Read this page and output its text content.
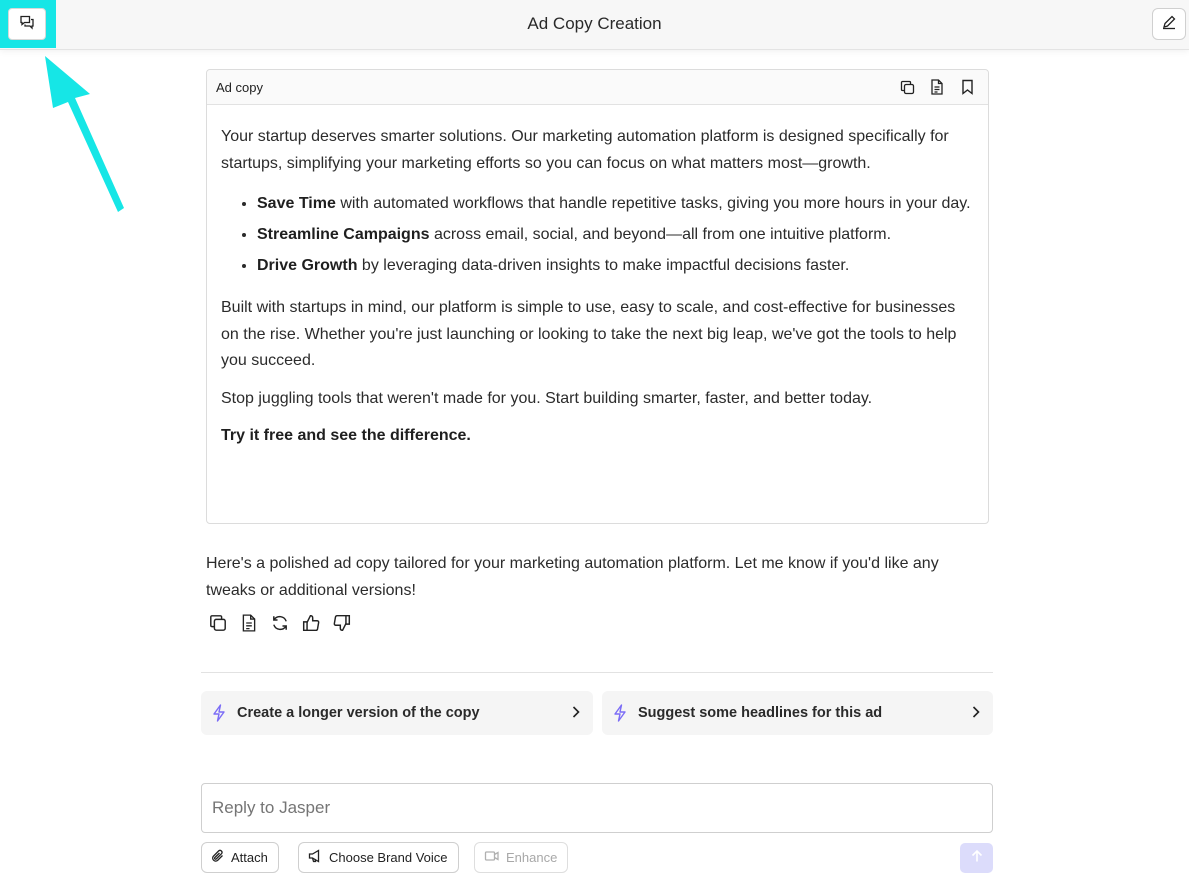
Ad Copy Creation
Ad copy

Your startup deserves smarter solutions. Our marketing automation platform is designed specifically for startups, simplifying your marketing efforts so you can focus on what matters most—growth.

• Save Time with automated workflows that handle repetitive tasks, giving you more hours in your day.
• Streamline Campaigns across email, social, and beyond—all from one intuitive platform.
• Drive Growth by leveraging data-driven insights to make impactful decisions faster.

Built with startups in mind, our platform is simple to use, easy to scale, and cost-effective for businesses on the rise. Whether you're just launching or looking to take the next big leap, we've got the tools to help you succeed.

Stop juggling tools that weren't made for you. Start building smarter, faster, and better today.

Try it free and see the difference.

Here's a polished ad copy tailored for your marketing automation platform. Let me know if you'd like any tweaks or additional versions!
Create a longer version of the copy	Suggest some headlines for this ad
Reply to Jasper
Attach	Choose Brand Voice	Enhance
